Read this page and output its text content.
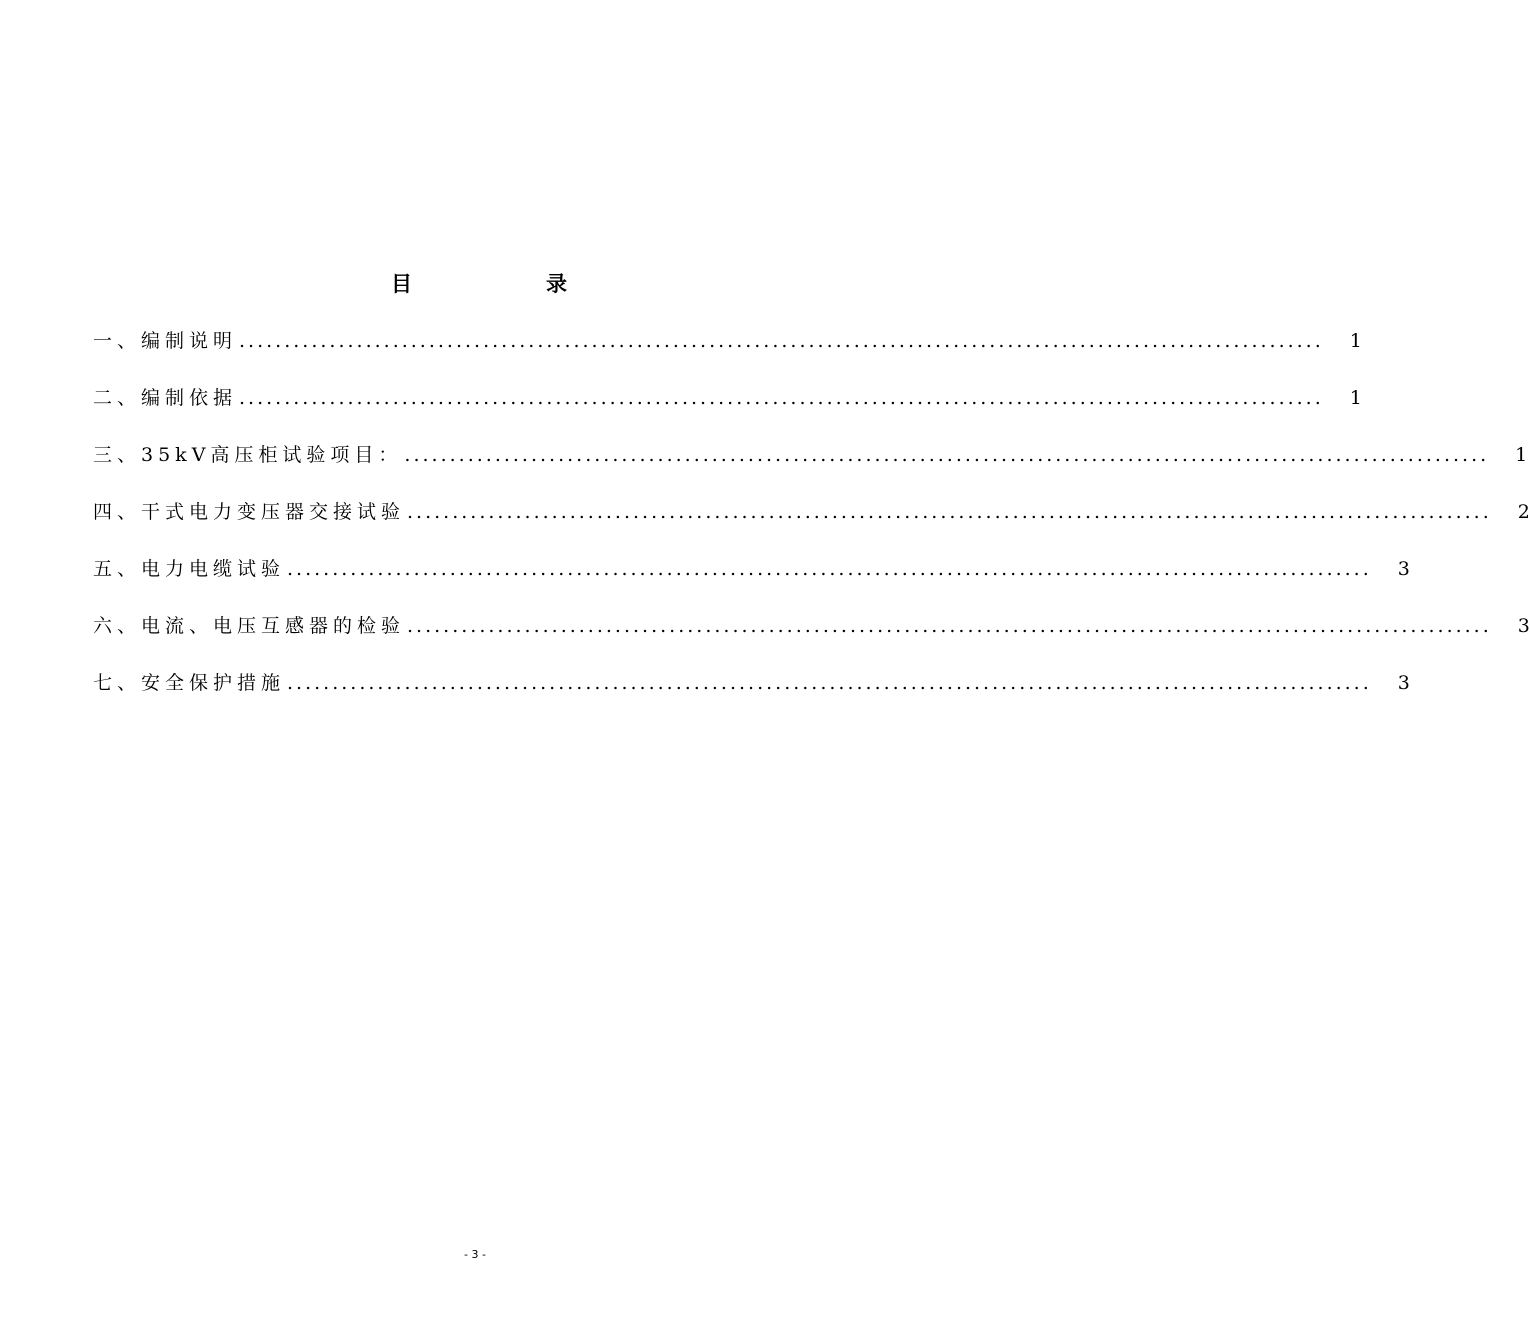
目	录
一、编制说明 ........................................................................................................................ 1
二、编制依据 ........................................................................................................................ 1
三、35kV高压柜试验项目： ........................................................................................................................ 1
四、干式电力变压器交接试验 ........................................................................................................................ 2
五、电力电缆试验 ........................................................................................................................ 3
六、电流、电压互感器的检验 ........................................................................................................................ 3
七、安全保护措施 ........................................................................................................................ 3
- 3 -
